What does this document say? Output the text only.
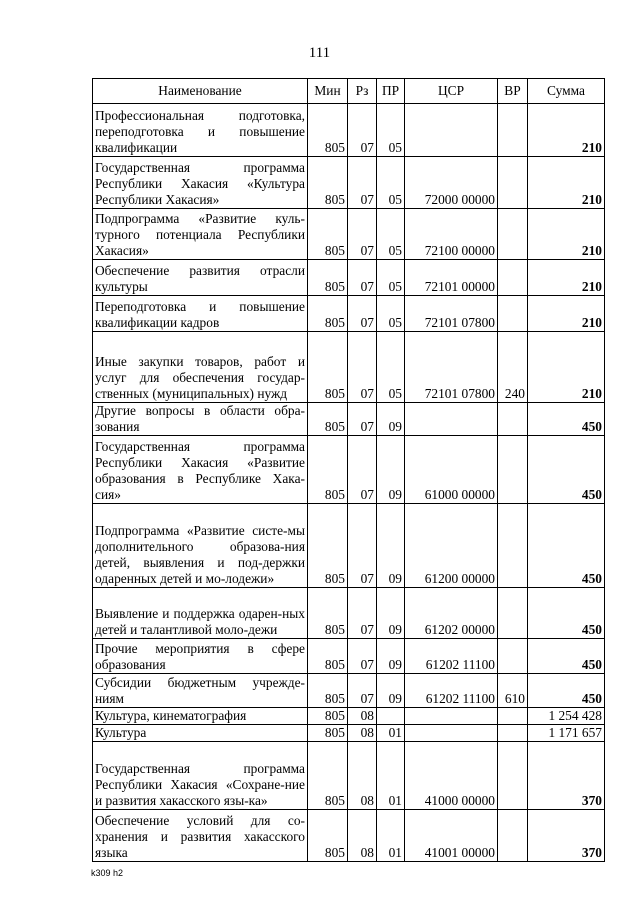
111
Наименование	Мин	Рз	ПР	ЦСР	ВР	Сумма
Профессиональная подготовка, переподготовка и повышение квалификации	805	07	05			210
Государственная программа Республики Хакасия «Культура Республики Хакасия»	805	07	05	72000 00000		210
Подпрограмма «Развитие куль-турного потенциала Республики Хакасия»	805	07	05	72100 00000		210
Обеспечение развития отрасли культуры	805	07	05	72101 00000		210
Переподготовка и повышение квалификации кадров	805	07	05	72101 07800		210
Иные закупки товаров, работ и услуг для обеспечения государ-ственных (муниципальных) нужд	805	07	05	72101 07800	240	210
Другие вопросы в области обра-зования	805	07	09			450
Государственная программа Республики Хакасия «Развитие образования в Республике Хака-сия»	805	07	09	61000 00000		450
Подпрограмма «Развитие систе-мы дополнительного образова-ния детей, выявления и под-держки одаренных детей и мо-лодежи»	805	07	09	61200 00000		450
Выявление и поддержка одарен-ных детей и талантливой моло-дежи	805	07	09	61202 00000		450
Прочие мероприятия в сфере образования	805	07	09	61202 11100		450
Субсидии бюджетным учрежде-ниям	805	07	09	61202 11100	610	450
Культура, кинематография	805	08				1 254 428
Культура	805	08	01			1 171 657
Государственная программа Республики Хакасия «Сохране-ние и развития хакасского язы-ка»	805	08	01	41000 00000		370
Обеспечение условий для со-хранения и развития хакасского языка	805	08	01	41001 00000		370
k309 h2
